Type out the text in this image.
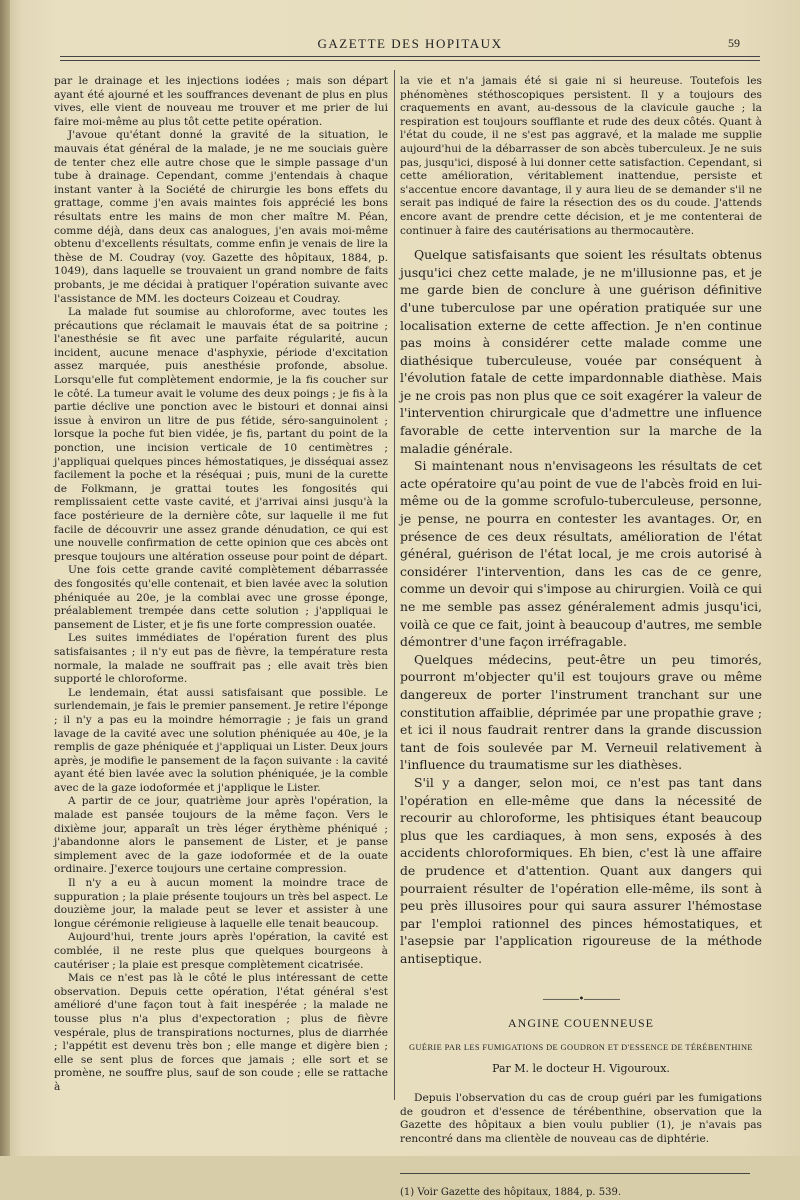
GAZETTE DES HOPITAUX	59

par le drainage et les injections iodées ; mais son départ ayant été ajourné et les souffrances devenant de plus en plus vives, elle vient de nouveau me trouver et me prier de lui faire moi-même au plus tôt cette petite opération.

J'avoue qu'étant donné la gravité de la situation, le mauvais état général de la malade, je ne me souciais guère de tenter chez elle autre chose que le simple passage d'un tube à drainage. Cependant, comme j'entendais à chaque instant vanter à la Société de chirurgie les bons effets du grattage, comme j'en avais maintes fois apprécié les bons résultats entre les mains de mon cher maître M. Péan, comme déjà, dans deux cas analogues, j'en avais moi-même obtenu d'excellents résultats, comme enfin je venais de lire la thèse de M. Coudray (voy. Gazette des hôpitaux, 1884, p. 1049), dans laquelle se trouvaient un grand nombre de faits probants, je me décidai à pratiquer l'opération suivante avec l'assistance de MM. les docteurs Coizeau et Coudray.

La malade fut soumise au chloroforme, avec toutes les précautions que réclamait le mauvais état de sa poitrine ; l'anesthésie se fit avec une parfaite régularité, aucun incident, aucune menace d'asphyxie, période d'excitation assez marquée, puis anesthésie profonde, absolue. Lorsqu'elle fut complètement endormie, je la fis coucher sur le côté. La tumeur avait le volume des deux poings ; je fis à la partie déclive une ponction avec le bistouri et donnai ainsi issue à environ un litre de pus fétide, séro-sanguinolent ; lorsque la poche fut bien vidée, je fis, partant du point de la ponction, une incision verticale de 10 centimètres ; j'appliquai quelques pinces hémostatiques, je disséquai assez facilement la poche et la réséquai ; puis, muni de la curette de Folkmann, je grattai toutes les fongosités qui remplissaient cette vaste cavité, et j'arrivai ainsi jusqu'à la face postérieure de la dernière côte, sur laquelle il me fut facile de découvrir une assez grande dénudation, ce qui est une nouvelle confirmation de cette opinion que ces abcès ont presque toujours une altération osseuse pour point de départ.

Une fois cette grande cavité complètement débarrassée des fongosités qu'elle contenait, et bien lavée avec la solution phéniquée au 20e, je la comblai avec une grosse éponge, préalablement trempée dans cette solution ; j'appliquai le pansement de Lister, et je fis une forte compression ouatée.

Les suites immédiates de l'opération furent des plus satisfaisantes ; il n'y eut pas de fièvre, la température resta normale, la malade ne souffrait pas ; elle avait très bien supporté le chloroforme.

Le lendemain, état aussi satisfaisant que possible. Le surlendemain, je fais le premier pansement. Je retire l'éponge ; il n'y a pas eu la moindre hémorragie ; je fais un grand lavage de la cavité avec une solution phéniquée au 40e, je la remplis de gaze phéniquée et j'appliquai un Lister. Deux jours après, je modifie le pansement de la façon suivante : la cavité ayant été bien lavée avec la solution phéniquée, je la comble avec de la gaze iodoformée et j'applique le Lister.

A partir de ce jour, quatrième jour après l'opération, la malade est pansée toujours de la même façon. Vers le dixième jour, apparaît un très léger érythème phéniqué ; j'abandonne alors le pansement de Lister, et je panse simplement avec de la gaze iodoformée et de la ouate ordinaire. J'exerce toujours une certaine compression.

Il n'y a eu à aucun moment la moindre trace de suppuration ; la plaie présente toujours un très bel aspect. Le douzième jour, la malade peut se lever et assister à une longue cérémonie religieuse à laquelle elle tenait beaucoup.

Aujourd'hui, trente jours après l'opération, la cavité est comblée, il ne reste plus que quelques bourgeons à cautériser ; la plaie est presque complètement cicatrisée.

Mais ce n'est pas là le côté le plus intéressant de cette observation. Depuis cette opération, l'état général s'est amélioré d'une façon tout à fait inespérée ; la malade ne tousse plus n'a plus d'expectoration ; plus de fièvre vespérale, plus de transpirations nocturnes, plus de diarrhée ; l'appétit est devenu très bon ; elle mange et digère bien ; elle se sent plus de forces que jamais ; elle sort et se promène, ne souffre plus, sauf de son coude ; elle se rattache à

la vie et n'a jamais été si gaie ni si heureuse. Toutefois les phénomènes stéthoscopiques persistent. Il y a toujours des craquements en avant, au-dessous de la clavicule gauche ; la respiration est toujours soufflante et rude des deux côtés. Quant à l'état du coude, il ne s'est pas aggravé, et la malade me supplie aujourd'hui de la débarrasser de son abcès tuberculeux. Je ne suis pas, jusqu'ici, disposé à lui donner cette satisfaction. Cependant, si cette amélioration, véritablement inattendue, persiste et s'accentue encore davantage, il y aura lieu de se demander s'il ne serait pas indiqué de faire la résection des os du coude. J'attends encore avant de prendre cette décision, et je me contenterai de continuer à faire des cautérisations au thermocautère.

Quelque satisfaisants que soient les résultats obtenus jusqu'ici chez cette malade, je ne m'illusionne pas, et je me garde bien de conclure à une guérison définitive d'une tuberculose par une opération pratiquée sur une localisation externe de cette affection. Je n'en continue pas moins à considérer cette malade comme une diathésique tuberculeuse, vouée par conséquent à l'évolution fatale de cette impardonnable diathèse. Mais je ne crois pas non plus que ce soit exagérer la valeur de l'intervention chirurgicale que d'admettre une influence favorable de cette intervention sur la marche de la maladie générale.

Si maintenant nous n'envisageons les résultats de cet acte opératoire qu'au point de vue de l'abcès froid en lui-même ou de la gomme scrofulo-tuberculeuse, personne, je pense, ne pourra en contester les avantages. Or, en présence de ces deux résultats, amélioration de l'état général, guérison de l'état local, je me crois autorisé à considérer l'intervention, dans les cas de ce genre, comme un devoir qui s'impose au chirurgien. Voilà ce qui ne me semble pas assez généralement admis jusqu'ici, voilà ce que ce fait, joint à beaucoup d'autres, me semble démontrer d'une façon irréfragable.

Quelques médecins, peut-être un peu timorés, pourront m'objecter qu'il est toujours grave ou même dangereux de porter l'instrument tranchant sur une constitution affaiblie, déprimée par une propathie grave ; et ici il nous faudrait rentrer dans la grande discussion tant de fois soulevée par M. Verneuil relativement à l'influence du traumatisme sur les diathèses.

S'il y a danger, selon moi, ce n'est pas tant dans l'opération en elle-même que dans la nécessité de recourir au chloroforme, les phtisiques étant beaucoup plus que les cardiaques, à mon sens, exposés à des accidents chloroformiques. Eh bien, c'est là une affaire de prudence et d'attention. Quant aux dangers qui pourraient résulter de l'opération elle-même, ils sont à peu près illusoires pour qui saura assurer l'hémostase par l'emploi rationnel des pinces hémostatiques, et l'asepsie par l'application rigoureuse de la méthode antiseptique.

————•————
ANGINE COUENNEUSE
GUÉRIE PAR LES FUMIGATIONS DE GOUDRON ET D'ESSENCE DE TÉRÉBENTHINE
Par M. le docteur H. Vigouroux.

Depuis l'observation du cas de croup guéri par les fumigations de goudron et d'essence de térébenthine, observation que la Gazette des hôpitaux a bien voulu publier (1), je n'avais pas rencontré dans ma clientèle de nouveau cas de diphtérie.

(1) Voir Gazette des hôpitaux, 1884, p. 539.
